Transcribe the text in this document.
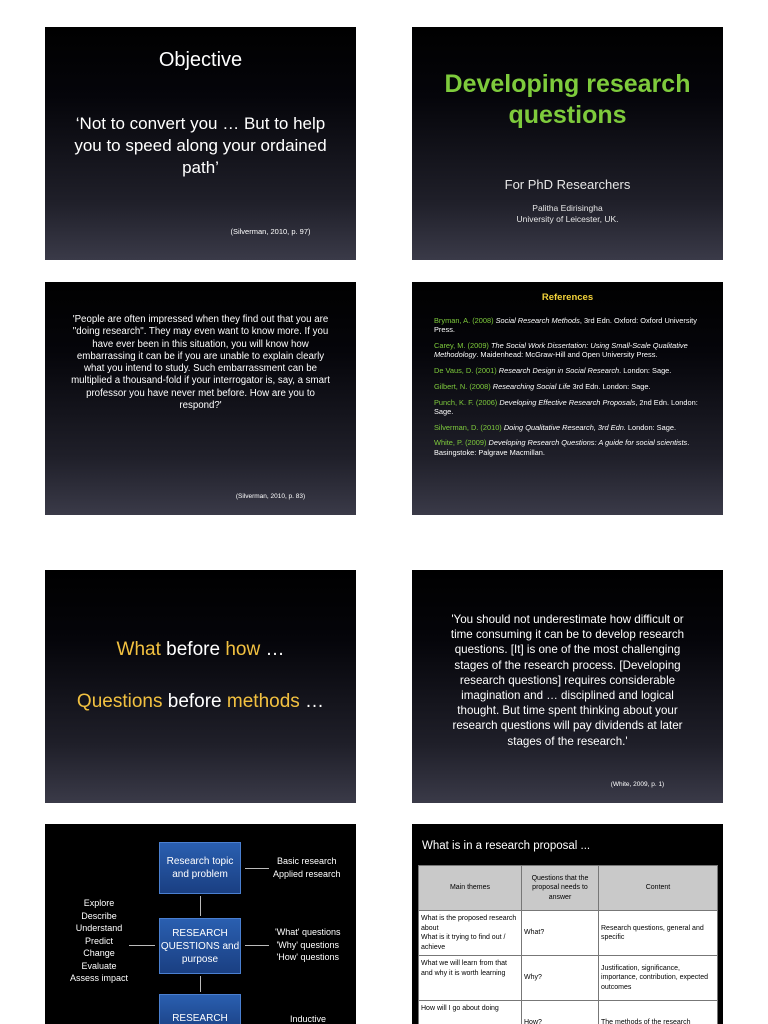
Objective
‘Not to convert you … But to help you to speed along your ordained path’
(Silverman, 2010, p. 97)
Developing research questions
For PhD Researchers
Palitha Edirisingha
University of Leicester, UK.
'People are often impressed when they find out that you are "doing research". They may even want to know more. If you have ever been in this situation, you will know how embarrassing it can be if you are unable to explain clearly what you intend to study. Such embarrassment can be multiplied a thousand-fold if your interrogator is, say, a smart professor you have never met before. How are you to respond?'
(Silverman, 2010, p. 83)
References
Bryman, A. (2008) Social Research Methods, 3rd Edn. Oxford: Oxford University Press.
Carey, M. (2009) The Social Work Dissertation: Using Small-Scale Qualitative Methodology. Maidenhead: McGraw-Hill and Open University Press.
De Vaus, D. (2001) Research Design in Social Research. London: Sage.
Gilbert, N. (2008) Researching Social Life 3rd Edn. London: Sage.
Punch, K. F. (2006) Developing Effective Research Proposals, 2nd Edn. London: Sage.
Silverman, D. (2010) Doing Qualitative Research, 3rd Edn. London: Sage.
White, P. (2009) Developing Research Questions: A guide for social scientists. Basingstoke: Palgrave Macmillan.
What before how …
Questions before methods …
'You should not underestimate how difficult or time consuming it can be to develop research questions. [It] is one of the most challenging stages of the research process. [Developing research questions] requires considerable imagination and … disciplined and logical thought. But time spent thinking about your research questions will pay dividends at later stages of the research.'
(White, 2009, p. 1)
Research topic and problem
RESEARCH QUESTIONS and purpose
RESEARCH
Basic research
Applied research
'What' questions
'Why' questions
'How' questions
Inductive
Explore
Describe
Understand
Predict
Change
Evaluate
Assess impact
What is in a research proposal ...
Main themes	Questions that the proposal needs to answer	Content
What is the proposed research about
What is it trying to find out / achieve	What?	Research questions, general and specific
What we will learn from that and why it is worth learning	Why?	Justification, significance, importance, contribution, expected outcomes
How will I go about doing	How?	The methods of the research
